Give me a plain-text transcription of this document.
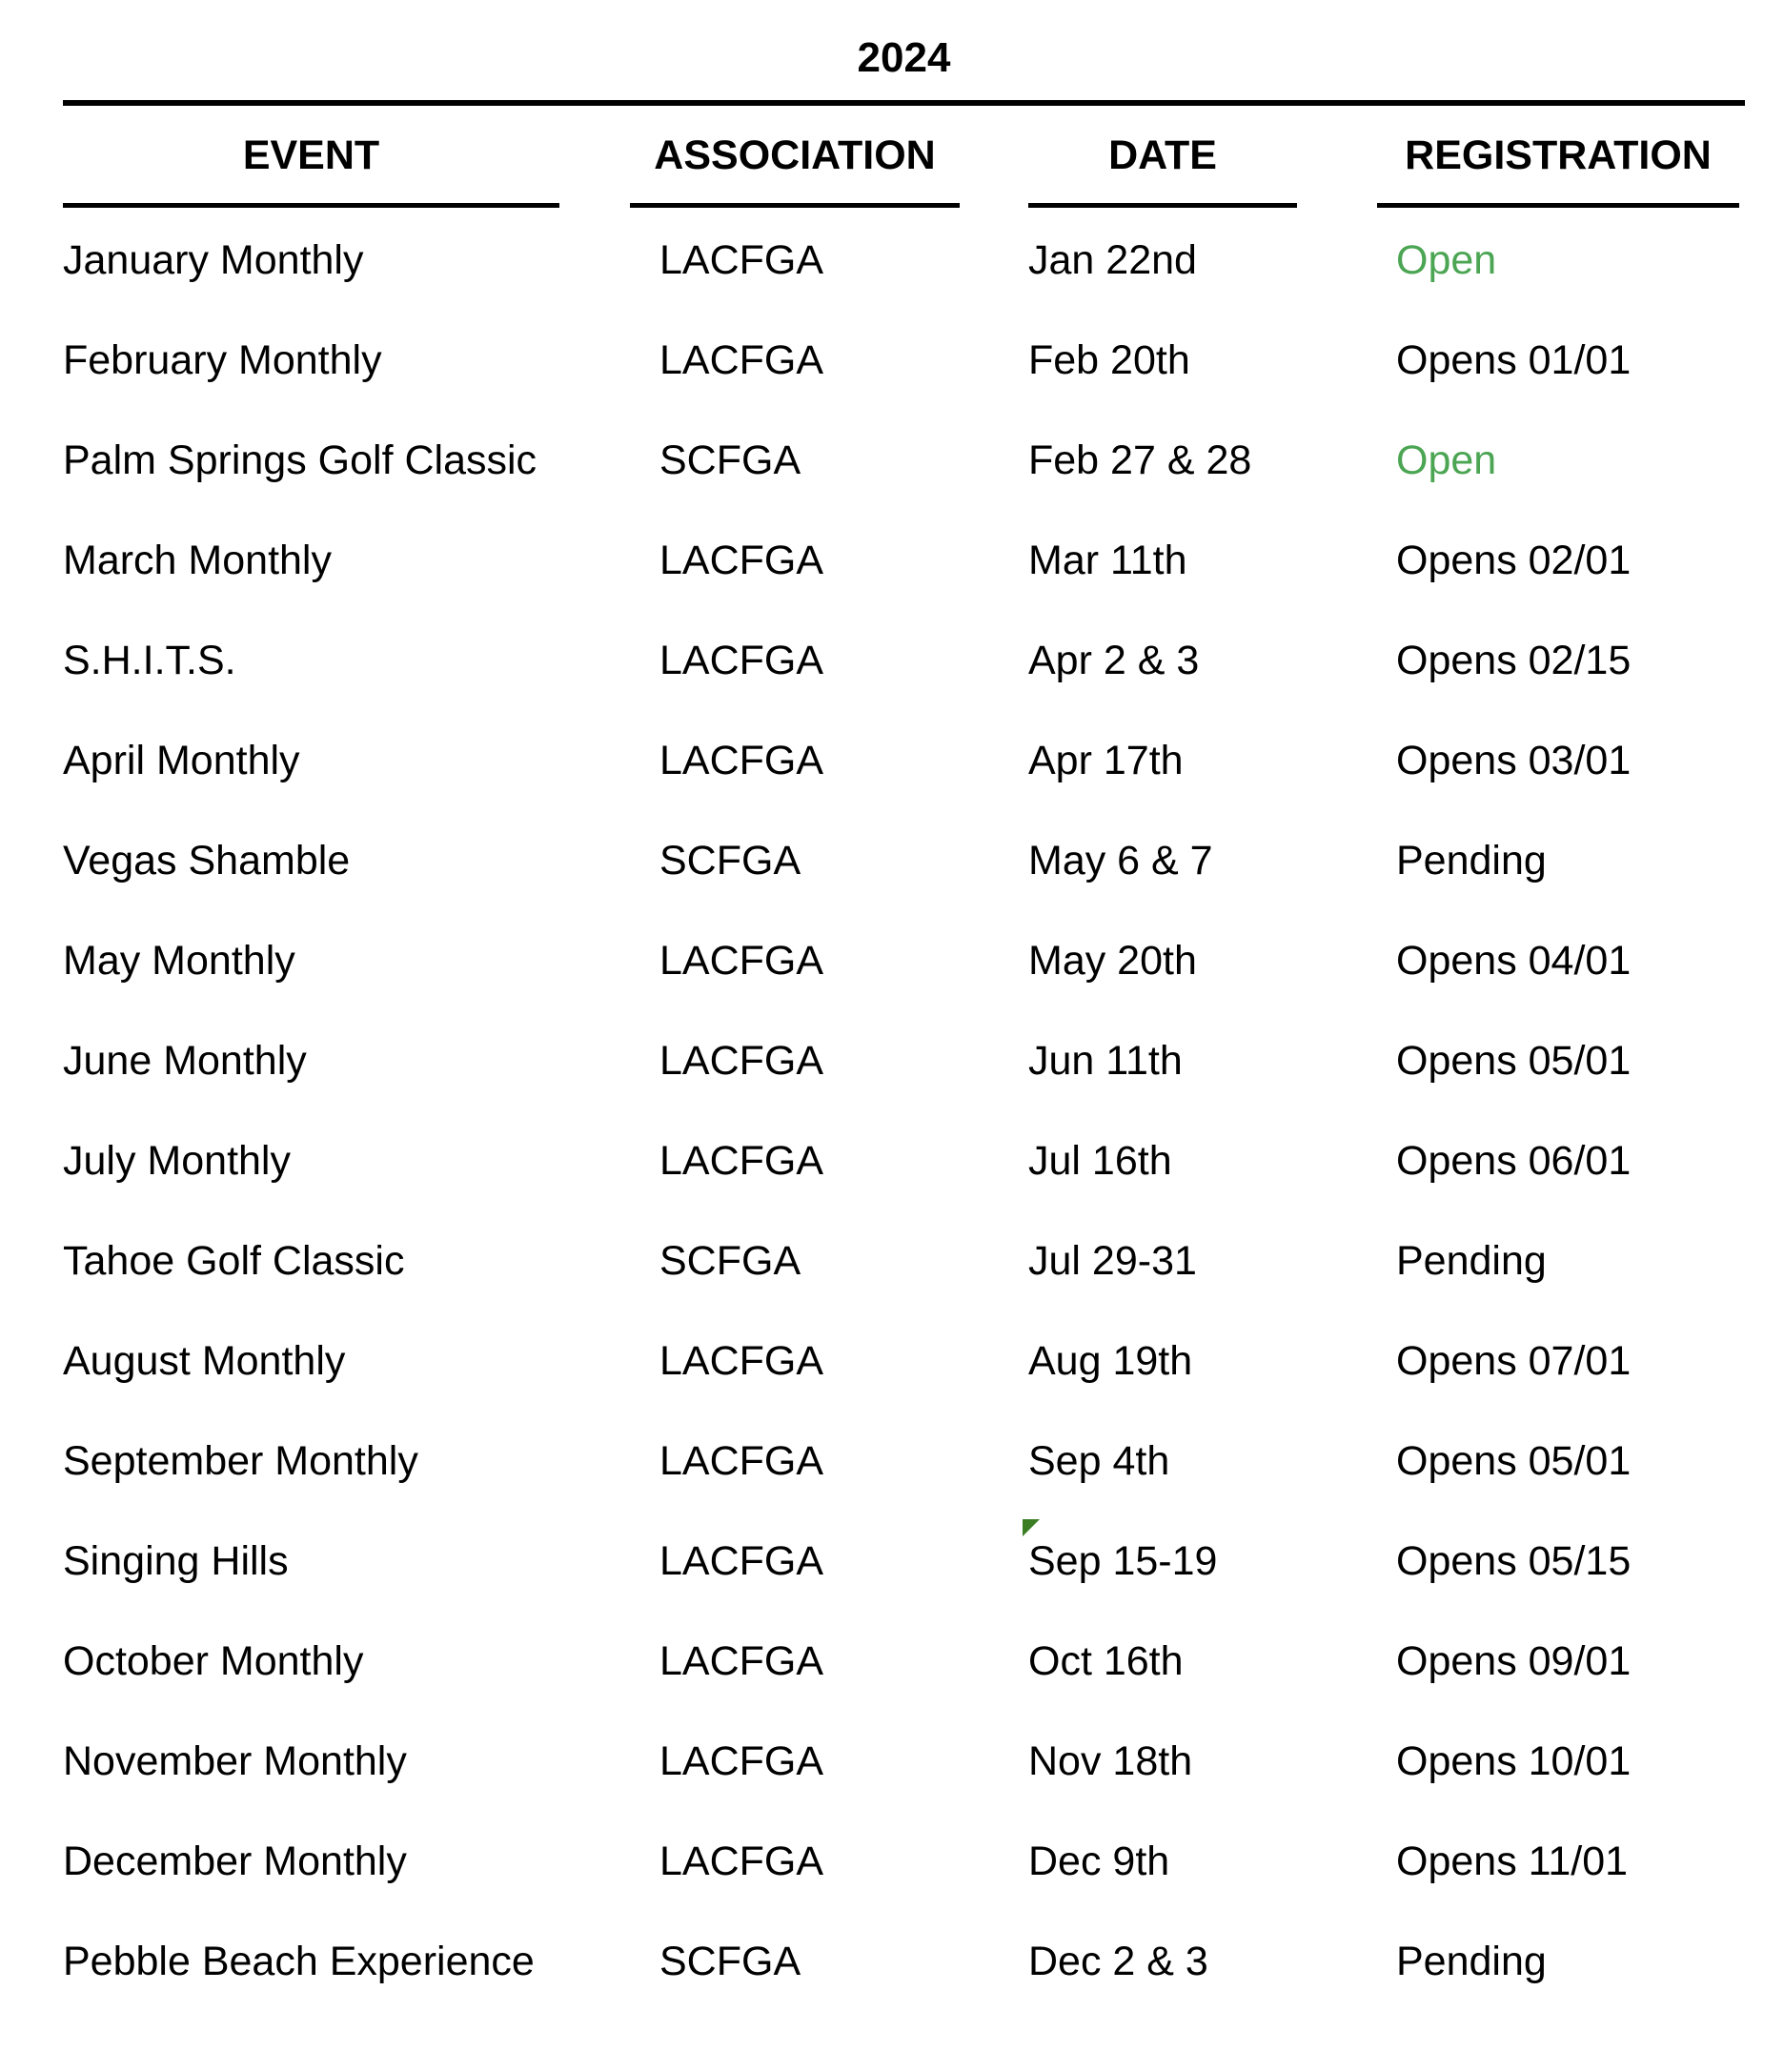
2024
EVENT	ASSOCIATION	DATE	REGISTRATION
January Monthly	LACFGA	Jan 22nd	Open
February Monthly	LACFGA	Feb 20th	Opens 01/01
Palm Springs Golf Classic	SCFGA	Feb 27 & 28	Open
March Monthly	LACFGA	Mar 11th	Opens 02/01
S.H.I.T.S.	LACFGA	Apr 2 & 3	Opens 02/15
April Monthly	LACFGA	Apr 17th	Opens 03/01
Vegas Shamble	SCFGA	May 6 & 7	Pending
May Monthly	LACFGA	May 20th	Opens 04/01
June Monthly	LACFGA	Jun 11th	Opens 05/01
July Monthly	LACFGA	Jul 16th	Opens 06/01
Tahoe Golf Classic	SCFGA	Jul 29-31	Pending
August Monthly	LACFGA	Aug 19th	Opens 07/01
September Monthly	LACFGA	Sep 4th	Opens 05/01
Singing Hills	LACFGA	Sep 15-19	Opens 05/15
October Monthly	LACFGA	Oct 16th	Opens 09/01
November Monthly	LACFGA	Nov 18th	Opens 10/01
December Monthly	LACFGA	Dec 9th	Opens 11/01
Pebble Beach Experience	SCFGA	Dec 2 & 3	Pending
